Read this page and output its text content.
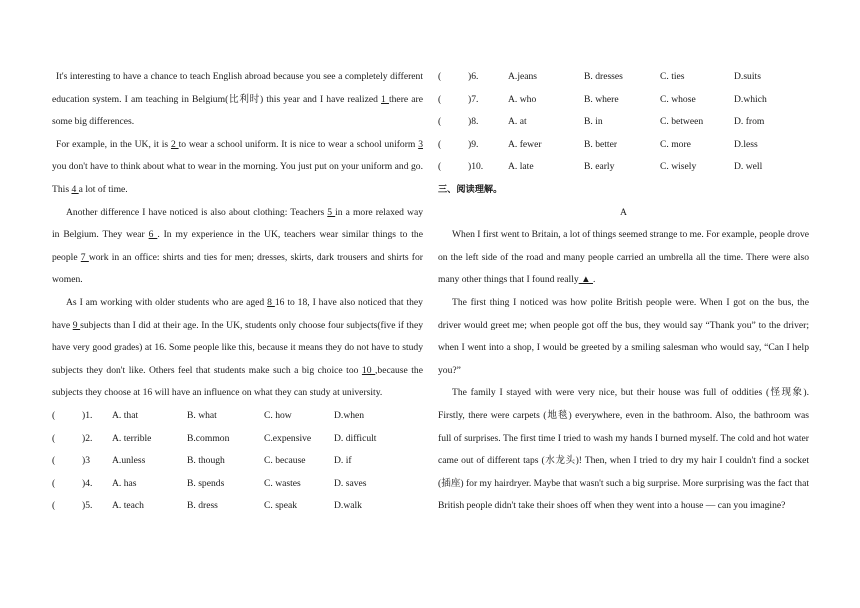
It's interesting to have a chance to teach English abroad because you see a completely different education system. I am teaching in Belgium(比利时) this year and I have realized 1 there are some big differences.

For example, in the UK, it is 2 to wear a school uniform. It is nice to wear a school uniform 3 you don't have to think about what to wear in the morning. You just put on your uniform and go. This 4 a lot of time.

Another difference I have noticed is also about clothing: Teachers 5 in a more relaxed way in Belgium. They wear 6 . In my experience in the UK, teachers wear similar things to the people 7 work in an office: shirts and ties for men; dresses, skirts, dark trousers and shirts for women.

As I am working with older students who are aged 8 16 to 18, I have also noticed that they have 9 subjects than I did at their age. In the UK, students only choose four subjects(five if they have very good grades) at 16. Some people like this, because it means they do not have to study subjects they don't like. Others feel that students make such a big choice too 10 ,because the subjects they choose at 16 will have an influence on what they can study at university.

(	)1.	A. that	B. what	C. how	D.when
(	)2.	A. terrible	B.common	C.expensive	D. difficult
(	)3	A.unless	B. though	C. because	D. if
(	)4.	A. has	B. spends	C. wastes	D. saves
(	)5.	A. teach	B. dress	C. speak	D.walk
(	)6.	A.jeans	B. dresses	C. ties	D.suits
(	)7.	A. who	B. where	C. whose	D.which
(	)8.	A. at	B. in	C. between	D. from
(	)9.	A. fewer	B. better	C. more	D.less
(	)10.	A. late	B. early	C. wisely	D. well

三、阅读理解。

A

When I first went to Britain, a lot of things seemed strange to me. For example, people drove on the left side of the road and many people carried an umbrella all the time. There were also many other things that I found really ▲ .

The first thing I noticed was how polite British people were. When I got on the bus, the driver would greet me; when people got off the bus, they would say “Thank you” to the driver; when I went into a shop, I would be greeted by a smiling salesman who would say, “Can I help you?”

The family I stayed with were very nice, but their house was full of oddities (怪现象). Firstly, there were carpets (地毯) everywhere, even in the bathroom. Also, the bathroom was full of surprises. The first time I tried to wash my hands I burned myself. The cold and hot water came out of different taps (水龙头)! Then, when I tried to dry my hair I couldn't find a socket (插座) for my hairdryer. Maybe that wasn't such a big surprise. More surprising was the fact that British people didn't take their shoes off when they went into a house — can you imagine?
